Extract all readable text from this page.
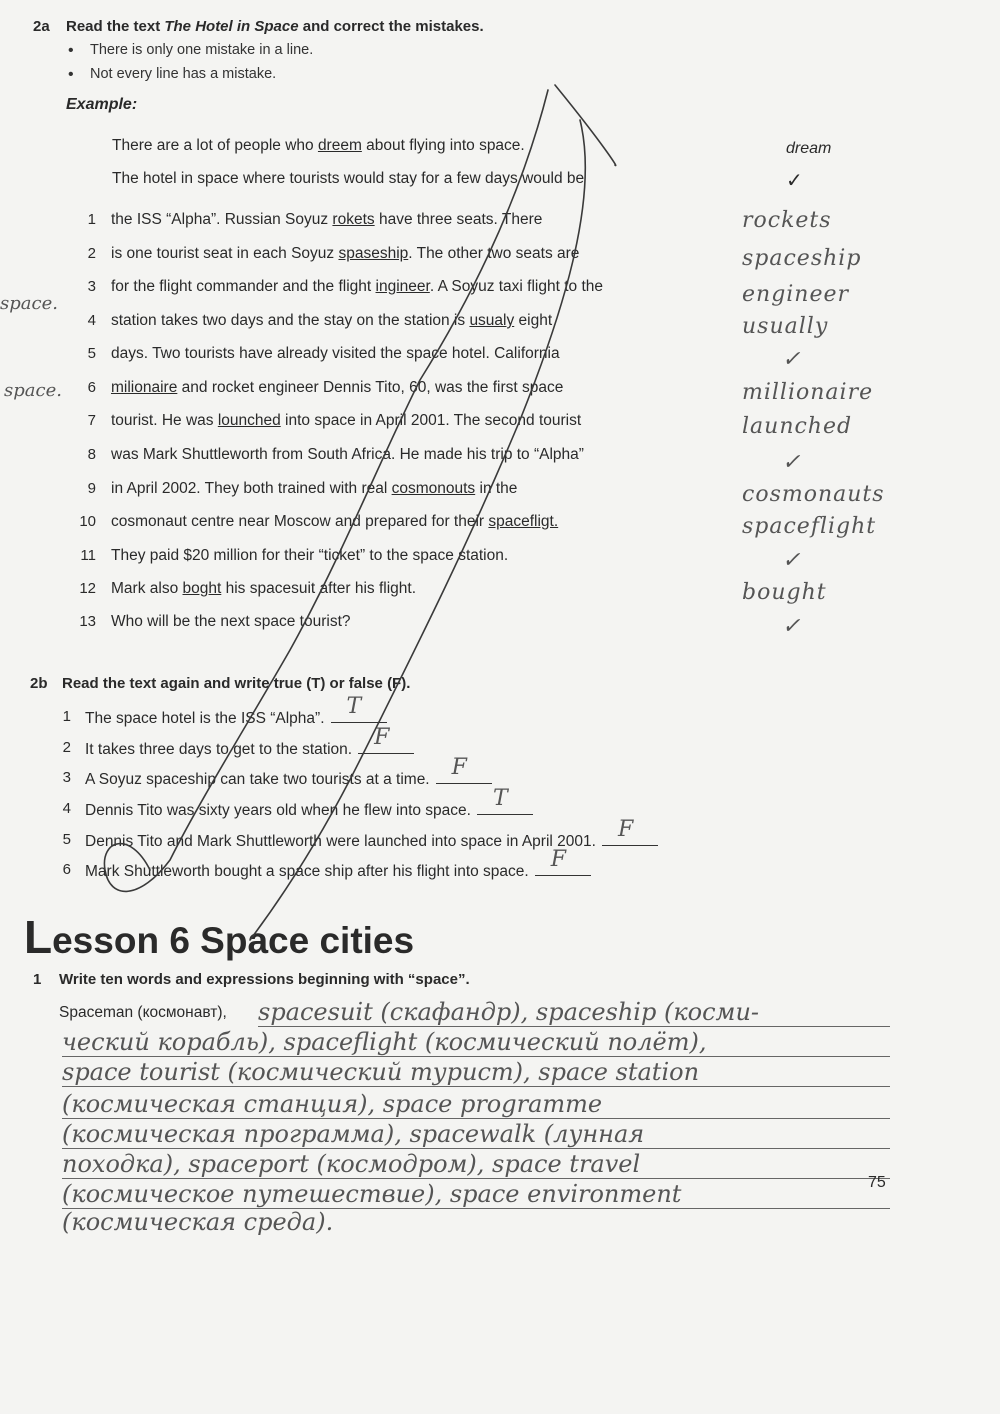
2a Read the text The Hotel in Space and correct the mistakes.
• There is only one mistake in a line.
• Not every line has a mistake.
Example:
There are a lot of people who dreem about flying into space.	dream
The hotel in space where tourists would stay for a few days would be	✓
1 the ISS “Alpha”. Russian Soyuz rokets have three seats. There	rockets
2 is one tourist seat in each Soyuz spaseship. The other two seats are	spaceship
3 for the flight commander and the flight ingineer. A Soyuz taxi flight to the	engineer
4 station takes two days and the stay on the station is usualy eight	usually
5 days. Two tourists have already visited the space hotel. California	✓
6 milionaire and rocket engineer Dennis Tito, 60, was the first space	millionaire
7 tourist. He was lounched into space in April 2001. The second tourist	launched
8 was Mark Shuttleworth from South Africa. He made his trip to “Alpha”	✓
9 in April 2002. They both trained with real cosmonouts in the	cosmonauts
10 cosmonaut centre near Moscow and prepared for their spacefligt.	spaceflight
11 They paid $20 million for their “ticket” to the space station.	✓
12 Mark also boght his spacesuit after his flight.	bought
13 Who will be the next space tourist?	✓
space.
space.
2b Read the text again and write true (T) or false (F).
1 The space hotel is the ISS “Alpha”. T
2 It takes three days to get to the station. F
3 A Soyuz spaceship can take two tourists at a time. F
4 Dennis Tito was sixty years old when he flew into space. T
5 Dennis Tito and Mark Shuttleworth were launched into space in April 2001. F
6 Mark Shuttleworth bought a space ship after his flight into space. F
Lesson 6 Space cities
1 Write ten words and expressions beginning with “space”.
Spaceman (космонавт), spacesuit (скафандр), spaceship (косми-
ческий корабль), spaceflight (космический полёт),
space tourist (космический турист), space station
(космическая станция), space programme
(космическая программа), spacewalk (лунная
походка), spaceport (космодром), space travel
(космическое путешествие), space environment
(космическая среда).
75
